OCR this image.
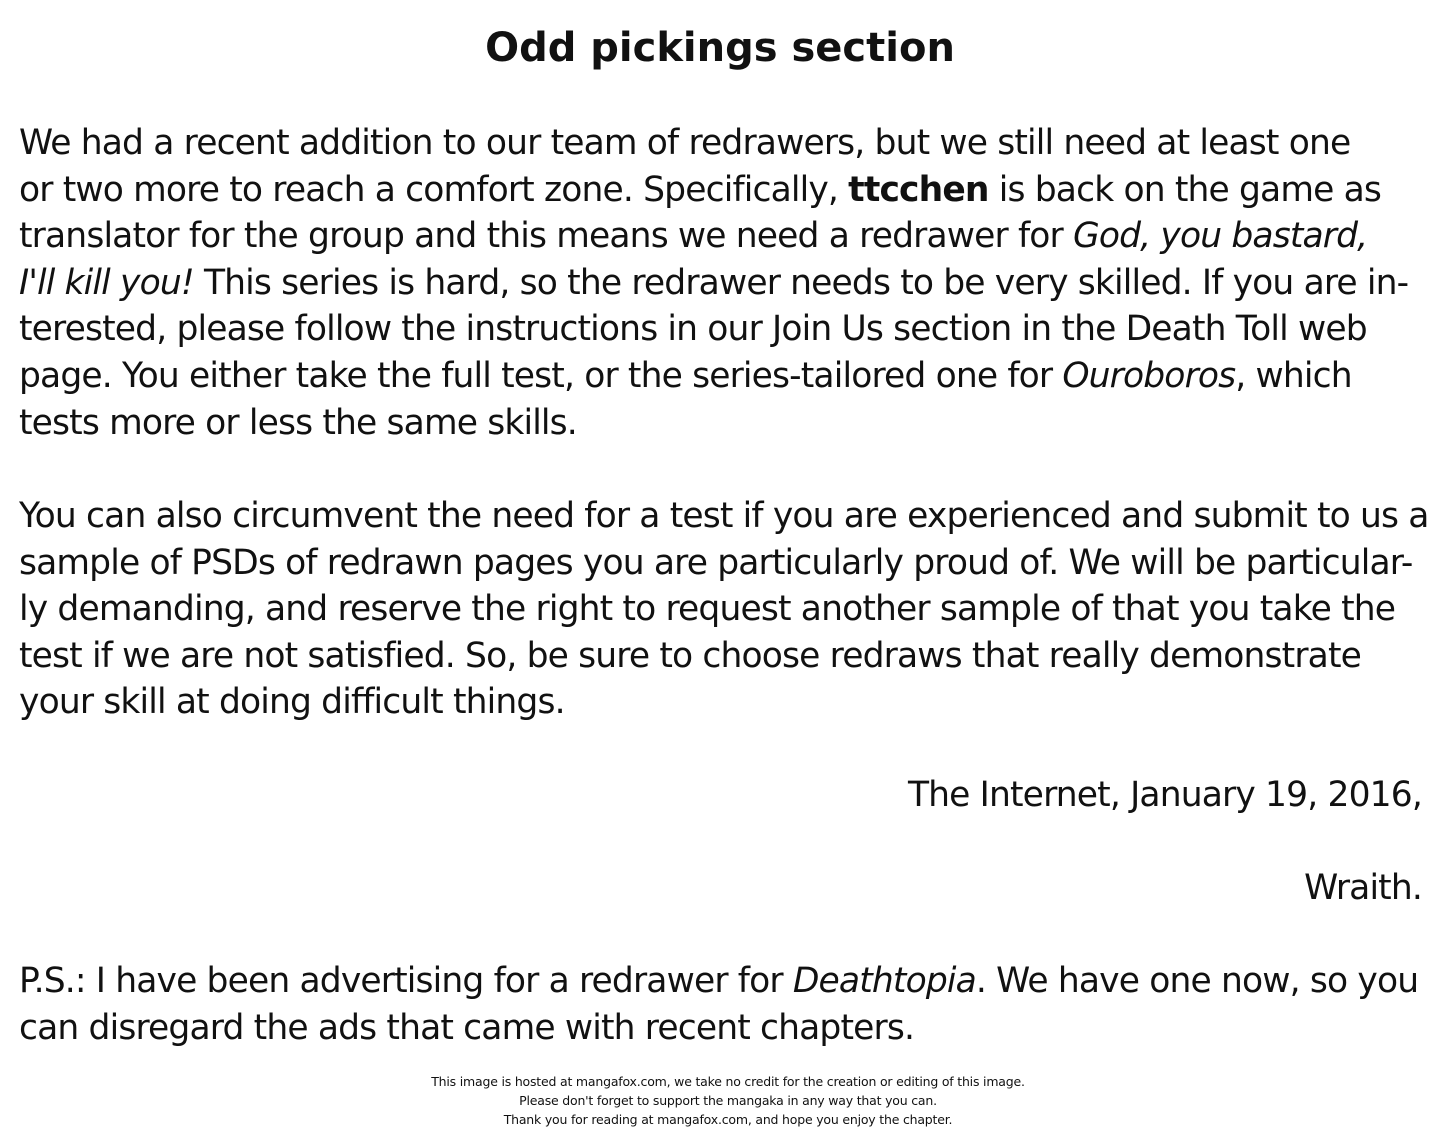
Odd pickings section
We had a recent addition to our team of redrawers, but we still need at least one
or two more to reach a comfort zone. Specifically, ttcchen is back on the game as
translator for the group and this means we need a redrawer for God, you bastard,
I'll kill you! This series is hard, so the redrawer needs to be very skilled. If you are in-
terested, please follow the instructions in our Join Us section in the Death Toll web
page. You either take the full test, or the series-tailored one for Ouroboros, which
tests more or less the same skills.
You can also circumvent the need for a test if you are experienced and submit to us a
sample of PSDs of redrawn pages you are particularly proud of. We will be particular-
ly demanding, and reserve the right to request another sample of that you take the
test if we are not satisfied. So, be sure to choose redraws that really demonstrate
your skill at doing difficult things.

The Internet, January 19, 2016,

Wraith.

P.S.: I have been advertising for a redrawer for Deathtopia. We have one now, so you
can disregard the ads that came with recent chapters.
This image is hosted at mangafox.com, we take no credit for the creation or editing of this image.
Please don't forget to support the mangaka in any way that you can.
Thank you for reading at mangafox.com, and hope you enjoy the chapter.
